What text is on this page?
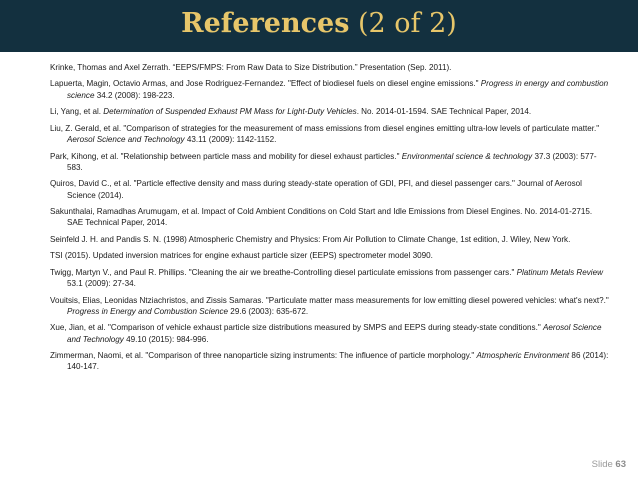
References (2 of 2)

Krinke, Thomas and Axel Zerrath. “EEPS/FMPS: From Raw Data to Size Distribution.” Presentation (Sep. 2011).

Lapuerta, Magin, Octavio Armas, and Jose Rodriguez-Fernandez. "Effect of biodiesel fuels on diesel engine emissions." Progress in energy and combustion science 34.2 (2008): 198-223.

Li, Yang, et al. Determination of Suspended Exhaust PM Mass for Light-Duty Vehicles. No. 2014-01-1594. SAE Technical Paper, 2014.

Liu, Z. Gerald, et al. "Comparison of strategies for the measurement of mass emissions from diesel engines emitting ultra-low levels of particulate matter." Aerosol Science and Technology 43.11 (2009): 1142-1152.

Park, Kihong, et al. "Relationship between particle mass and mobility for diesel exhaust particles." Environmental science & technology 37.3 (2003): 577-583.

Quiros, David C., et al. "Particle effective density and mass during steady-state operation of GDI, PFI, and diesel passenger cars." Journal of Aerosol Science (2014).

Sakunthalai, Ramadhas Arumugam, et al. Impact of Cold Ambient Conditions on Cold Start and Idle Emissions from Diesel Engines. No. 2014-01-2715. SAE Technical Paper, 2014.

Seinfeld J. H. and Pandis S. N. (1998) Atmospheric Chemistry and Physics: From Air Pollution to Climate Change, 1st edition, J. Wiley, New York.

TSI (2015). Updated inversion matrices for engine exhaust particle sizer (EEPS) spectrometer model 3090.

Twigg, Martyn V., and Paul R. Phillips. "Cleaning the air we breathe-Controlling diesel particulate emissions from passenger cars." Platinum Metals Review 53.1 (2009): 27-34.

Vouitsis, Elias, Leonidas Ntziachristos, and Zissis Samaras. "Particulate matter mass measurements for low emitting diesel powered vehicles: what's next?." Progress in Energy and Combustion Science 29.6 (2003): 635-672.

Xue, Jian, et al. "Comparison of vehicle exhaust particle size distributions measured by SMPS and EEPS during steady-state conditions." Aerosol Science and Technology 49.10 (2015): 984-996.

Zimmerman, Naomi, et al. "Comparison of three nanoparticle sizing instruments: The influence of particle morphology." Atmospheric Environment 86 (2014): 140-147.

Slide 63
